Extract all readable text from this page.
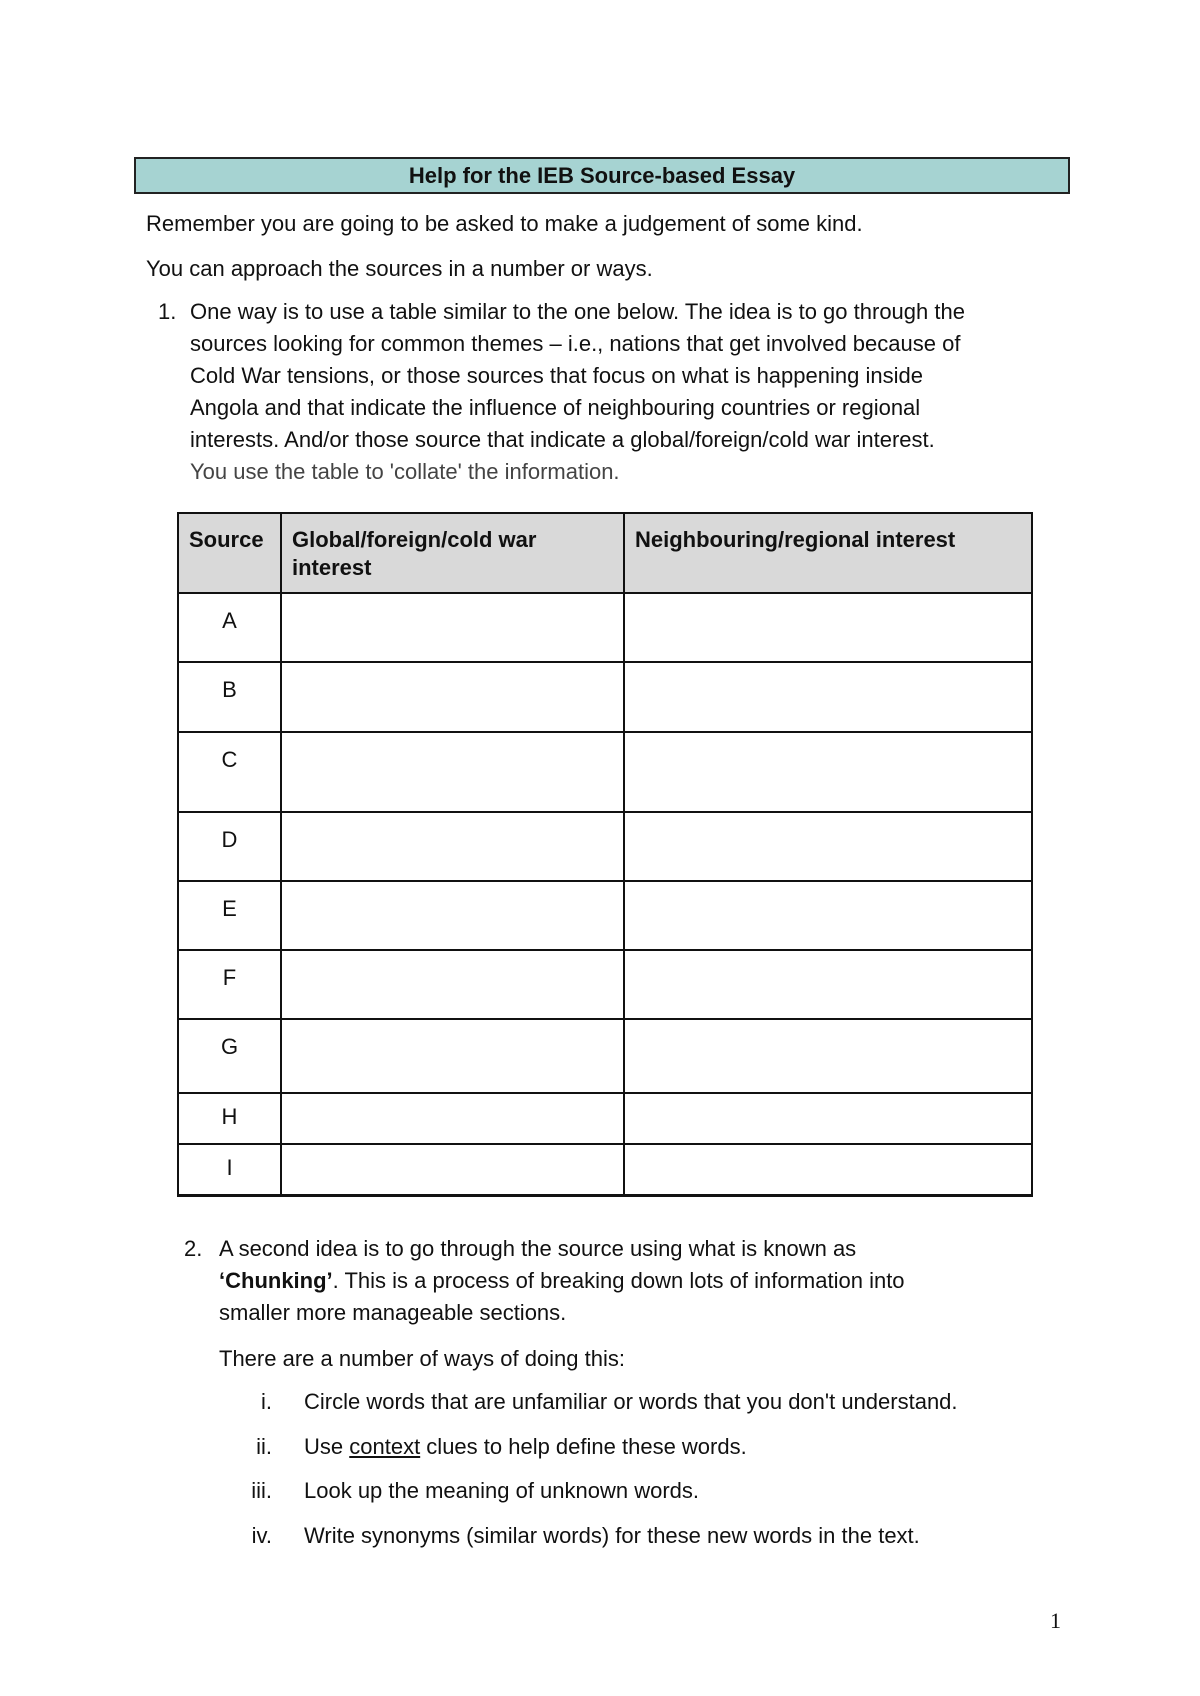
Help for the IEB Source-based Essay
Remember you are going to be asked to make a judgement of some kind.
You can approach the sources in a number or ways.
1. One way is to use a table similar to the one below. The idea is to go through the
sources looking for common themes – i.e., nations that get involved because of
Cold War tensions, or those sources that focus on what is happening inside
Angola and that indicate the influence of neighbouring countries or regional
interests. And/or those source that indicate a global/foreign/cold war interest.
You use the table to 'collate' the information.
Source	Global/foreign/cold war interest	Neighbouring/regional interest
A		
B		
C		
D		
E		
F		
G		
H		
I		
2. A second idea is to go through the source using what is known as
‘Chunking’. This is a process of breaking down lots of information into
smaller more manageable sections.
There are a number of ways of doing this:
i. Circle words that are unfamiliar or words that you don't understand.
ii. Use context clues to help define these words.
iii. Look up the meaning of unknown words.
iv. Write synonyms (similar words) for these new words in the text.
1
